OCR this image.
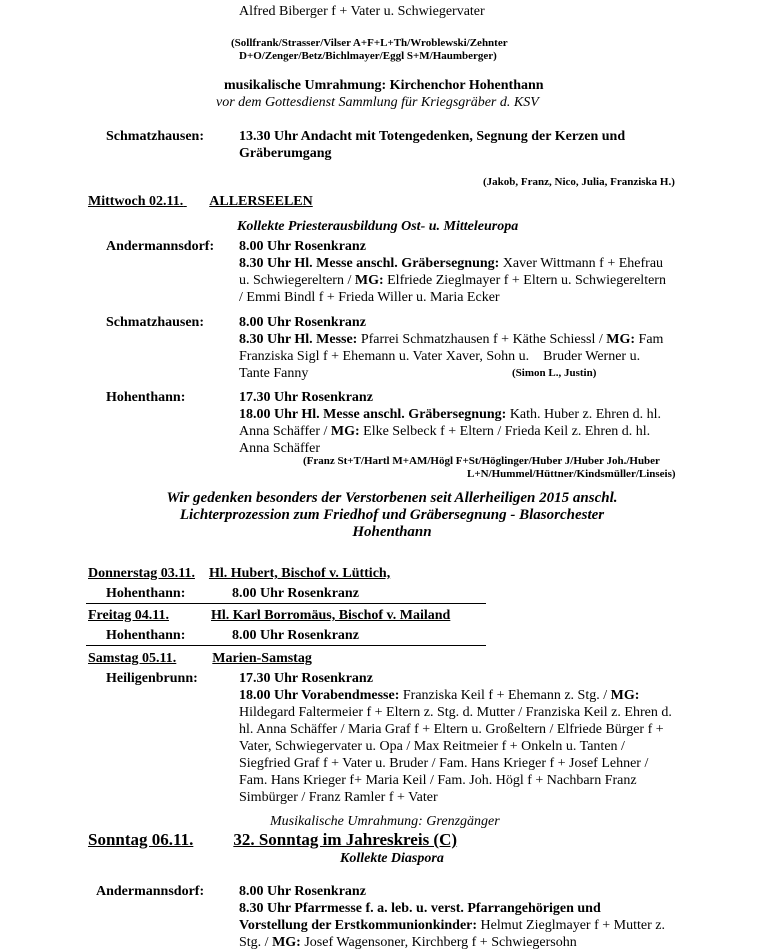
Alfred Biberger f + Vater u. Schwiegervater
(Sollfrank/Strasser/Vilser A+F+L+Th/Wroblewski/Zehnter
D+O/Zenger/Betz/Bichlmayer/Eggl S+M/Haumberger)
musikalische Umrahmung: Kirchenchor Hohenthann
vor dem Gottesdienst Sammlung für Kriegsgräber d. KSV
Schmatzhausen: 13.30 Uhr Andacht mit Totengedenken, Segnung der Kerzen und
Gräberumgang
(Jakob, Franz, Nico, Julia, Franziska H.)
Mittwoch 02.11. ALLERSEELEN
Kollekte Priesterausbildung Ost- u. Mitteleuropa
Andermannsdorf: 8.00 Uhr Rosenkranz
8.30 Uhr Hl. Messe anschl. Gräbersegnung: Xaver Wittmann f + Ehefrau
u. Schwiegereltern / MG: Elfriede Zieglmayer f + Eltern u. Schwiegereltern
/ Emmi Bindl f + Frieda Willer u. Maria Ecker
Schmatzhausen: 8.00 Uhr Rosenkranz
8.30 Uhr Hl. Messe: Pfarrei Schmatzhausen f + Käthe Schiessl / MG: Fam
Franziska Sigl f + Ehemann u. Vater Xaver, Sohn u.    Bruder Werner u.
Tante Fanny	(Simon L., Justin)
Hohenthann:	17.30 Uhr Rosenkranz
18.00 Uhr Hl. Messe anschl. Gräbersegnung: Kath. Huber z. Ehren d. hl.
Anna Schäffer / MG: Elke Selbeck f + Eltern / Frieda Keil z. Ehren d. hl.
Anna Schäffer
(Franz St+T/Hartl M+AM/Högl F+St/Höglinger/Huber J/Huber Joh./Huber
L+N/Hummel/Hüttner/Kindsmüller/Linseis)
Wir gedenken besonders der Verstorbenen seit Allerheiligen 2015 anschl.
Lichterprozession zum Friedhof und Gräbersegnung - Blasorchester
Hohenthann
Donnerstag 03.11. Hl. Hubert, Bischof v. Lüttich,
Hohenthann:	8.00 Uhr Rosenkranz
Freitag 04.11.	Hl. Karl Borromäus, Bischof v. Mailand
Hohenthann:	8.00 Uhr Rosenkranz
Samstag 05.11.	Marien-Samstag
Heiligenbrunn:	17.30 Uhr Rosenkranz
18.00 Uhr Vorabendmesse: Franziska Keil f + Ehemann z. Stg. / MG:
Hildegard Faltermeier f + Eltern z. Stg. d. Mutter / Franziska Keil z. Ehren d.
hl. Anna Schäffer / Maria Graf f + Eltern u. Großeltern / Elfriede Bürger f +
Vater, Schwiegervater u. Opa / Max Reitmeier f + Onkeln u. Tanten /
Siegfried Graf f + Vater u. Bruder / Fam. Hans Krieger f + Josef Lehner /
Fam. Hans Krieger f+ Maria Keil / Fam. Joh. Högl f + Nachbarn Franz
Simbürger / Franz Ramler f + Vater
Musikalische Umrahmung: Grenzgänger
Sonntag 06.11. 32. Sonntag im Jahreskreis (C)
Kollekte Diaspora
Andermannsdorf: 8.00 Uhr Rosenkranz
8.30 Uhr Pfarrmesse f. a. leb. u. verst. Pfarrangehörigen und
Vorstellung der Erstkommunionkinder: Helmut Zieglmayer f + Mutter z.
Stg. / MG: Josef Wagensoner, Kirchberg f + Schwiegersohn
